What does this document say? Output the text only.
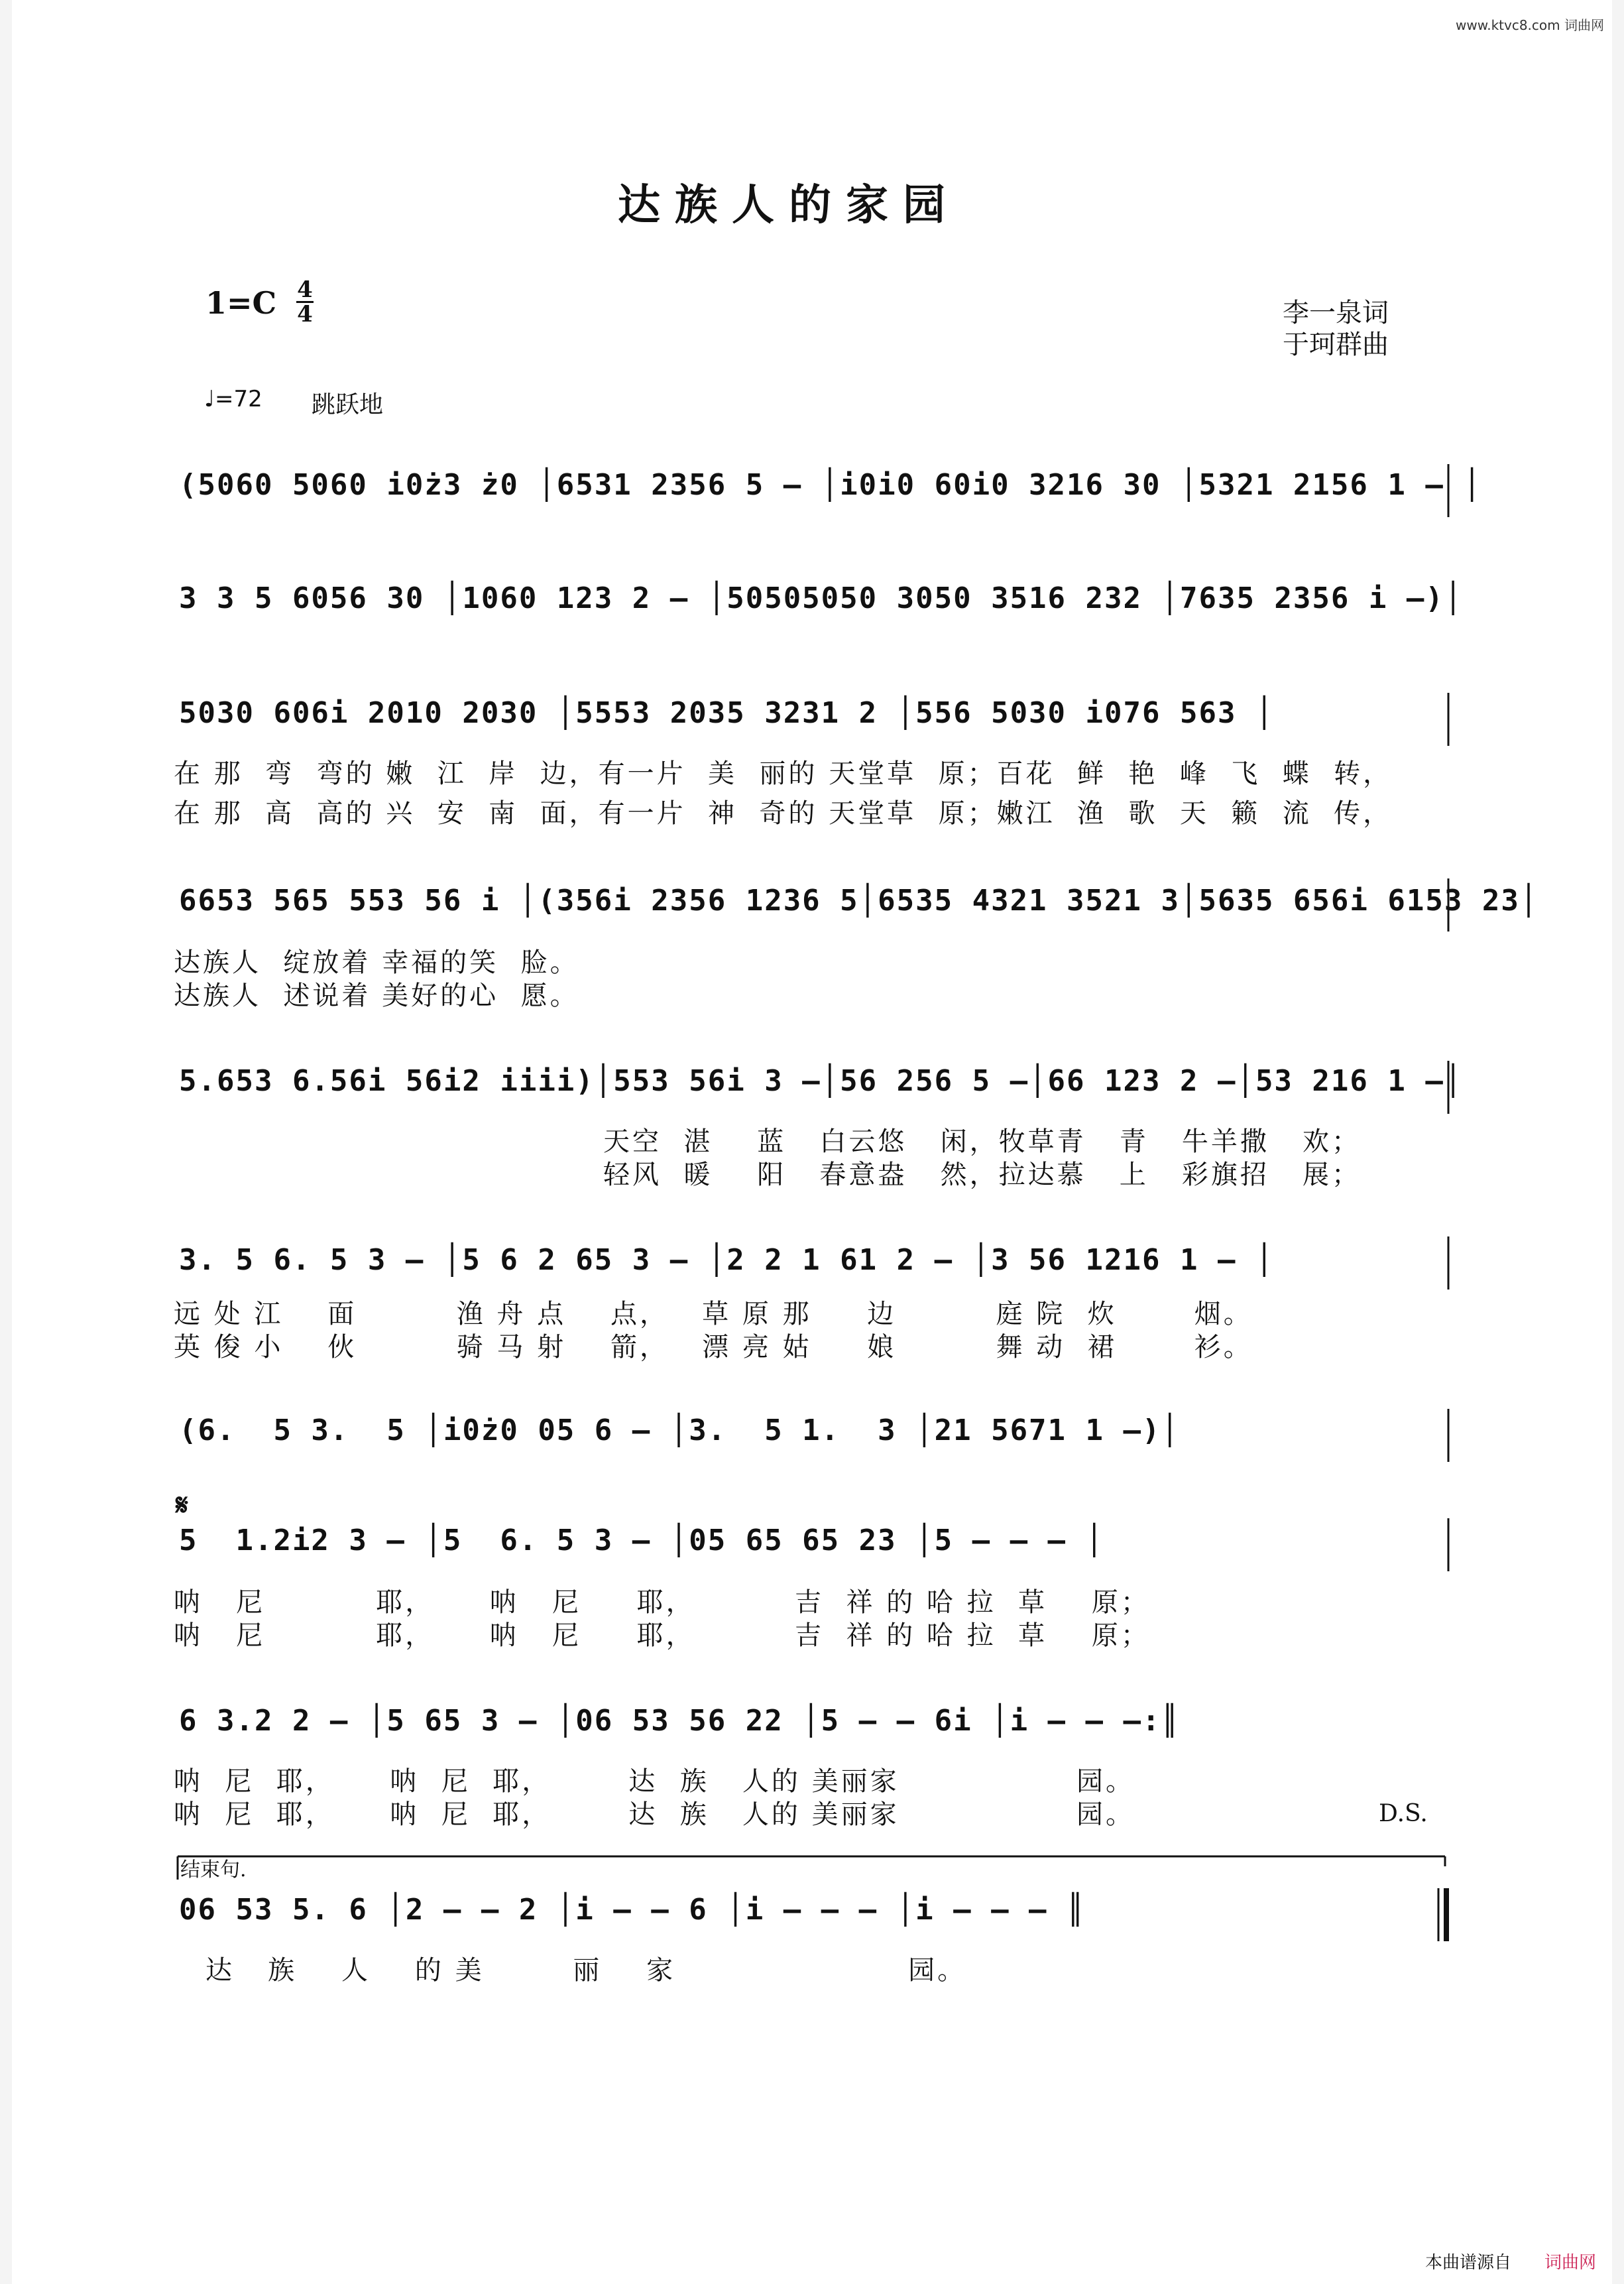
www.ktvc8.com 词曲网
达族人的家园
1=C 4
4	李一泉词
于珂群曲
♩=72 跳跃地
(5060 5060 i0ż3 ż0 │6531 2356 5 – │i0i0 60i0 3216 30 │5321 2156 1 – │
3 3 5 6056 30 │1060 123 2 – │50505050 3050 3516 232 │7635 2356 i –)│
5030 606i 2010 2030 │5553 2035 3231 2 │556 5030 i076 563 │
在 那  弯  弯的 嫩  江  岸  边，有一片  美  丽的 天堂草  原；百花  鲜  艳  峰  飞  蝶  转，
在 那  高  高的 兴  安  南  面，有一片  神  奇的 天堂草  原；嫩江  渔  歌  天  籁  流  传，
6653 565 553 56 i │(356i 2356 1236 5│6535 4321 3521 3│5635 656i 6153 23│
达族人  绽放着 幸福的笑  脸。
达族人  述说着 美好的心  愿。
5.653 6.56i 56i2 iiii)│553 56i 3 –│56 256 5 –│66 123 2 –│53 216 1 –│
天空  湛    蓝   白云悠   闲，牧草青   青   牛羊撒   欢；
轻风  暖    阳   春意盎   然，拉达慕   上   彩旗招   展；
3. 5 6. 5 3 – │5 6 2 65 3 – │2 2 1 61 2 – │3 56 1216 1 – │
远 处 江    面         渔 舟 点    点，   草 原 那     边         庭 院  炊       烟。
英 俊 小    伙         骑 马 射    箭，   漂 亮 姑     娘         舞 动  裙       衫。
(6.  5 3.  5 │i0ż0 05 6 – │3.  5 1.  3 │21 5671 1 –)│
𝄋
5  1.2i2 3 – │5  6. 5 3 – │05 65 65 23 │5 – – – │
呐   尼          耶，     呐   尼     耶，         吉  祥 的 哈 拉  草    原；
呐   尼          耶，     呐   尼     耶，         吉  祥 的 哈 拉  草    原；
6 3.2 2 – │5 65 3 – │06 53 56 22 │5 – – 6i │i – – –:║
呐  尼  耶，     呐  尼  耶，       达  族   人的 美丽家                园。
呐  尼  耶，     呐  尼  耶，       达  族   人的 美丽家                园。	D.S.
结束句.
06 53 5. 6 │2 – – 2 │i – – 6 │i – – – │i – – – ║
达   族    人    的 美        丽    家                     园。
本曲谱源自 词曲网
